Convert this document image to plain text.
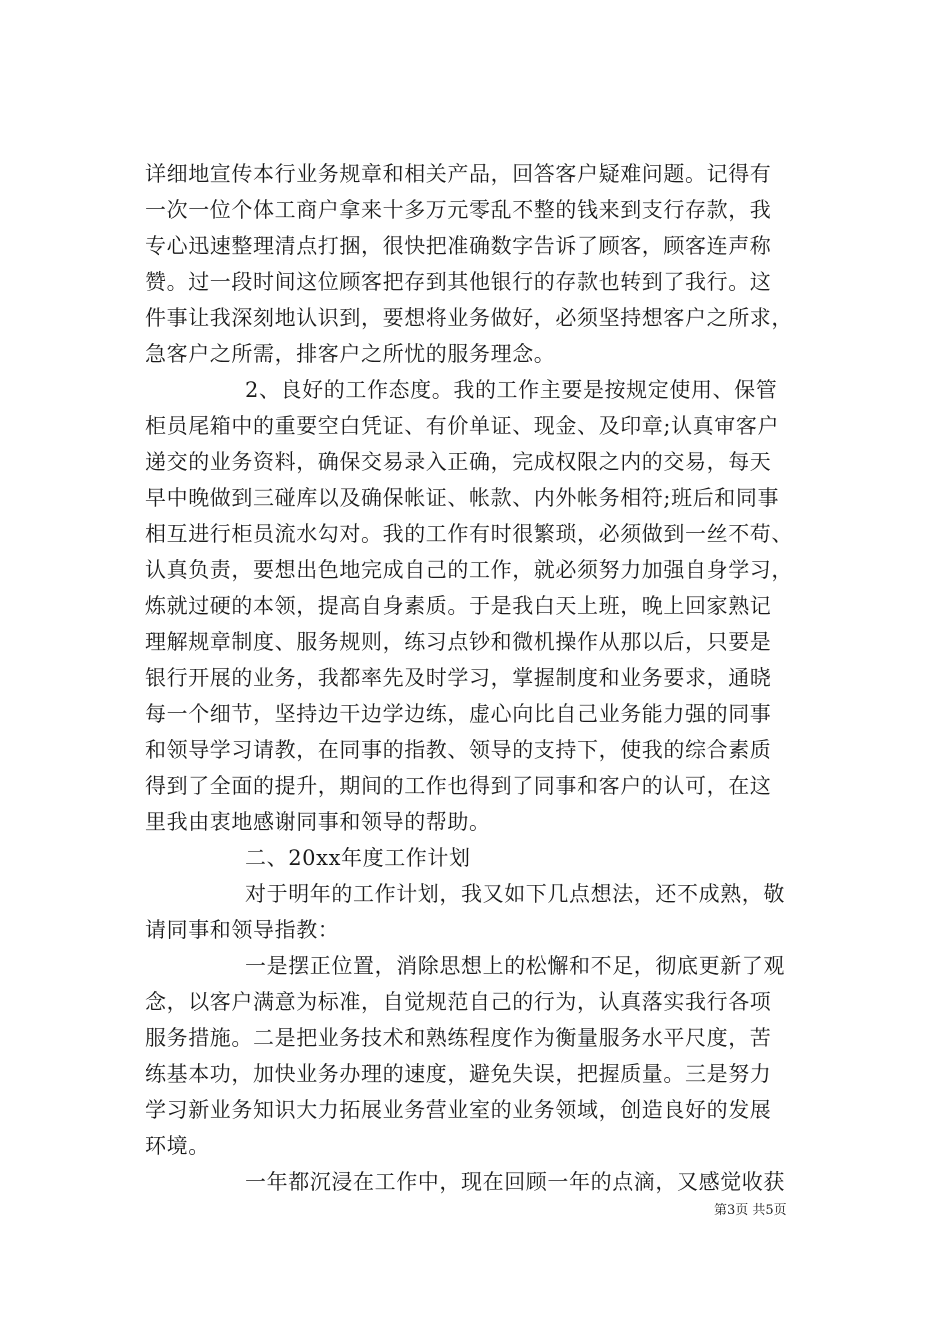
详细地宣传本行业务规章和相关产品，回答客户疑难问题。记得有
一次一位个体工商户拿来十多万元零乱不整的钱来到支行存款，我
专心迅速整理清点打捆，很快把准确数字告诉了顾客，顾客连声称
赞。过一段时间这位顾客把存到其他银行的存款也转到了我行。这
件事让我深刻地认识到，要想将业务做好，必须坚持想客户之所求，
急客户之所需，排客户之所忧的服务理念。
2、良好的工作态度。我的工作主要是按规定使用、保管
柜员尾箱中的重要空白凭证、有价单证、现金、及印章;认真审客户
递交的业务资料，确保交易录入正确，完成权限之内的交易，每天
早中晚做到三碰库以及确保帐证、帐款、内外帐务相符;班后和同事
相互进行柜员流水勾对。我的工作有时很繁琐，必须做到一丝不苟、
认真负责，要想出色地完成自己的工作，就必须努力加强自身学习，
炼就过硬的本领，提高自身素质。于是我白天上班，晚上回家熟记
理解规章制度、服务规则，练习点钞和微机操作从那以后，只要是
银行开展的业务，我都率先及时学习，掌握制度和业务要求，通晓
每一个细节，坚持边干边学边练，虚心向比自己业务能力强的同事
和领导学习请教，在同事的指教、领导的支持下，使我的综合素质
得到了全面的提升，期间的工作也得到了同事和客户的认可，在这
里我由衷地感谢同事和领导的帮助。
二、20xx年度工作计划
对于明年的工作计划，我又如下几点想法，还不成熟，敬
请同事和领导指教：
一是摆正位置，消除思想上的松懈和不足，彻底更新了观
念，以客户满意为标准，自觉规范自己的行为，认真落实我行各项
服务措施。二是把业务技术和熟练程度作为衡量服务水平尺度，苦
练基本功，加快业务办理的速度，避免失误，把握质量。三是努力
学习新业务知识大力拓展业务营业室的业务领域，创造良好的发展
环境。
一年都沉浸在工作中，现在回顾一年的点滴，又感觉收获
第3页 共5页
